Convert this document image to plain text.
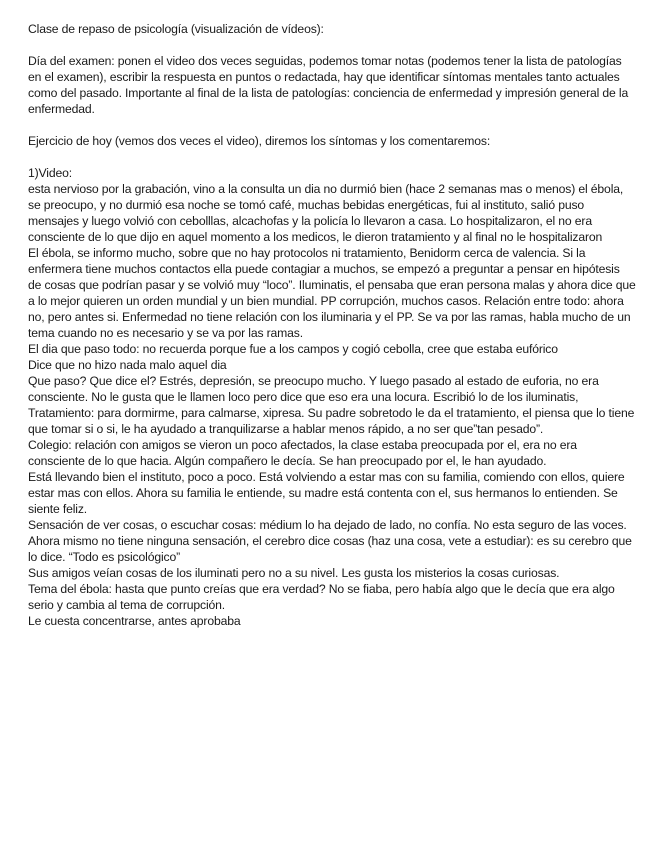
Clase de repaso de psicología (visualización de vídeos):

Día del examen: ponen el video dos veces seguidas, podemos tomar notas (podemos tener la lista de patologías en el examen), escribir la respuesta en puntos o redactada, hay que identificar síntomas mentales tanto actuales como del pasado. Importante al final de la lista de patologías: conciencia de enfermedad y impresión general de la enfermedad.

Ejercicio de hoy (vemos dos veces el video), diremos los síntomas y los comentaremos:

1)Video:

esta nervioso por la grabación, vino a la consulta un dia no durmió bien (hace 2 semanas mas o menos) el ébola, se preocupo, y no durmió esa noche se tomó café, muchas bebidas energéticas, fui al instituto, salió puso mensajes y luego volvió con cebolllas, alcachofas y la policía lo llevaron a casa. Lo hospitalizaron, el no era consciente de lo que dijo en aquel momento a los medicos, le dieron tratamiento y al final no le hospitalizaron

El ébola, se informo mucho, sobre que no hay protocolos ni tratamiento, Benidorm cerca de valencia. Si la enfermera tiene muchos contactos ella puede contagiar a muchos, se empezó a preguntar a pensar en hipótesis de cosas que podrían pasar y se volvió muy “loco”. Iluminatis, el pensaba que eran persona malas y ahora dice que a lo mejor quieren un orden mundial y un bien mundial. PP corrupción, muchos casos. Relación entre todo: ahora no, pero antes si. Enfermedad no tiene relación con los iluminaria y el PP. Se va por las ramas, habla mucho de un tema cuando no es necesario y se va por las ramas.

El dia que paso todo: no recuerda porque fue a los campos y cogió cebolla, cree que estaba eufórico

Dice que no hizo nada malo aquel dia

Que paso? Que dice el? Estrés, depresión, se preocupo mucho. Y luego pasado al estado de euforia, no era consciente. No le gusta que le llamen loco pero dice que eso era una locura. Escribió lo de los iluminatis,

Tratamiento: para dormirme, para calmarse, xipresa. Su padre sobretodo le da el tratamiento, el piensa que lo tiene que tomar si o si, le ha ayudado a tranquilizarse a hablar menos rápido, a no ser que”tan pesado”.

Colegio: relación con amigos se vieron un poco afectados, la clase estaba preocupada por el, era no era consciente de lo que hacia. Algún compañero le decía. Se han preocupado por el, le han ayudado.

Está llevando bien el instituto, poco a poco. Está volviendo a estar mas con su familia, comiendo con ellos, quiere estar mas con ellos. Ahora su familia le entiende, su madre está contenta con el, sus hermanos lo entienden. Se siente feliz.

Sensación de ver cosas, o escuchar cosas: médium lo ha dejado de lado, no confía. No esta seguro de las voces.

Ahora mismo no tiene ninguna sensación, el cerebro dice cosas (haz una cosa, vete a estudiar): es su cerebro que lo dice. “Todo es psicológico”

Sus amigos veían cosas de los iluminati pero no a su nivel. Les gusta los misterios la cosas curiosas.

Tema del ébola: hasta que punto creías que era verdad? No se fiaba, pero había algo que le decía que era algo serio y cambia al tema de corrupción.

Le cuesta concentrarse, antes aprobaba
